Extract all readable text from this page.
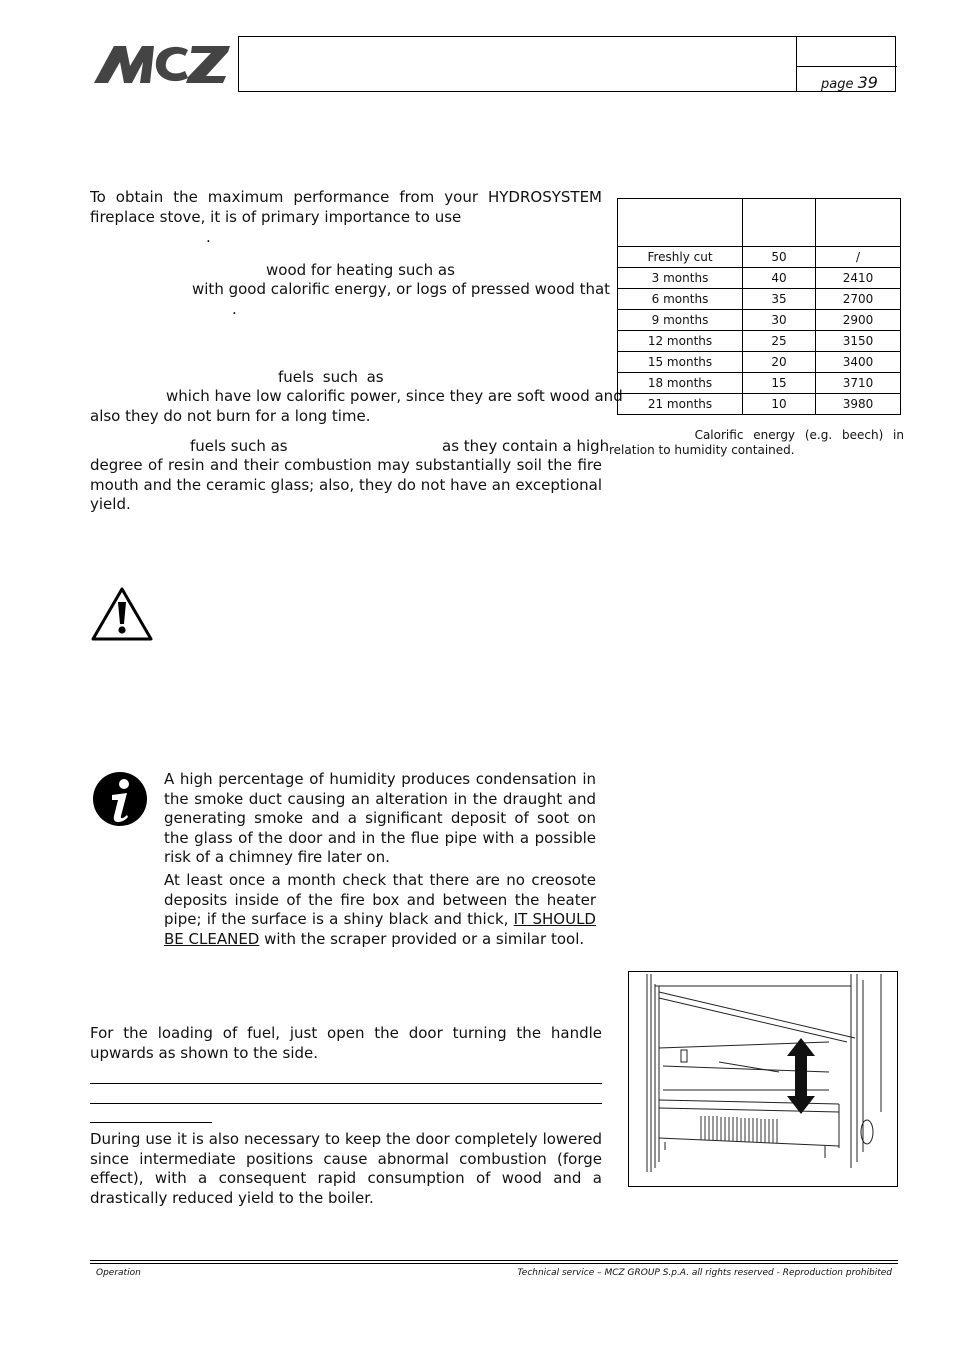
page 39
To obtain the maximum performance from your HYDROSYSTEM
fireplace stove, it is of primary importance to use
.
wood for heating such as
with good calorific energy, or logs of pressed wood that
.
fuels such as
which have low calorific power, since they are soft wood and
also they do not burn for a long time.
fuels such as	as they contain a high
degree of resin and their combustion may substantially soil the fire mouth and the ceramic glass; also, they do not have an exceptional yield.

Freshly cut	50	/
3 months	40	2410
6 months	35	2700
9 months	30	2900
12 months	25	3150
15 months	20	3400
18 months	15	3710
21 months	10	3980
Calorific energy (e.g. beech) in
relation to humidity contained.
A high percentage of humidity produces condensation in the smoke duct causing an alteration in the draught and generating smoke and a significant deposit of soot on the glass of the door and in the flue pipe with a possible risk of a chimney fire later on.
At least once a month check that there are no creosote deposits inside of the fire box and between the heater pipe; if the surface is a shiny black and thick, IT SHOULD BE CLEANED with the scraper provided or a similar tool.
For the loading of fuel, just open the door turning the handle upwards as shown to the side.
During use it is also necessary to keep the door completely lowered since intermediate positions cause abnormal combustion (forge effect), with a consequent rapid consumption of wood and a drastically reduced yield to the boiler.
Operation	Technical service – MCZ GROUP S.p.A. all rights reserved - Reproduction prohibited
